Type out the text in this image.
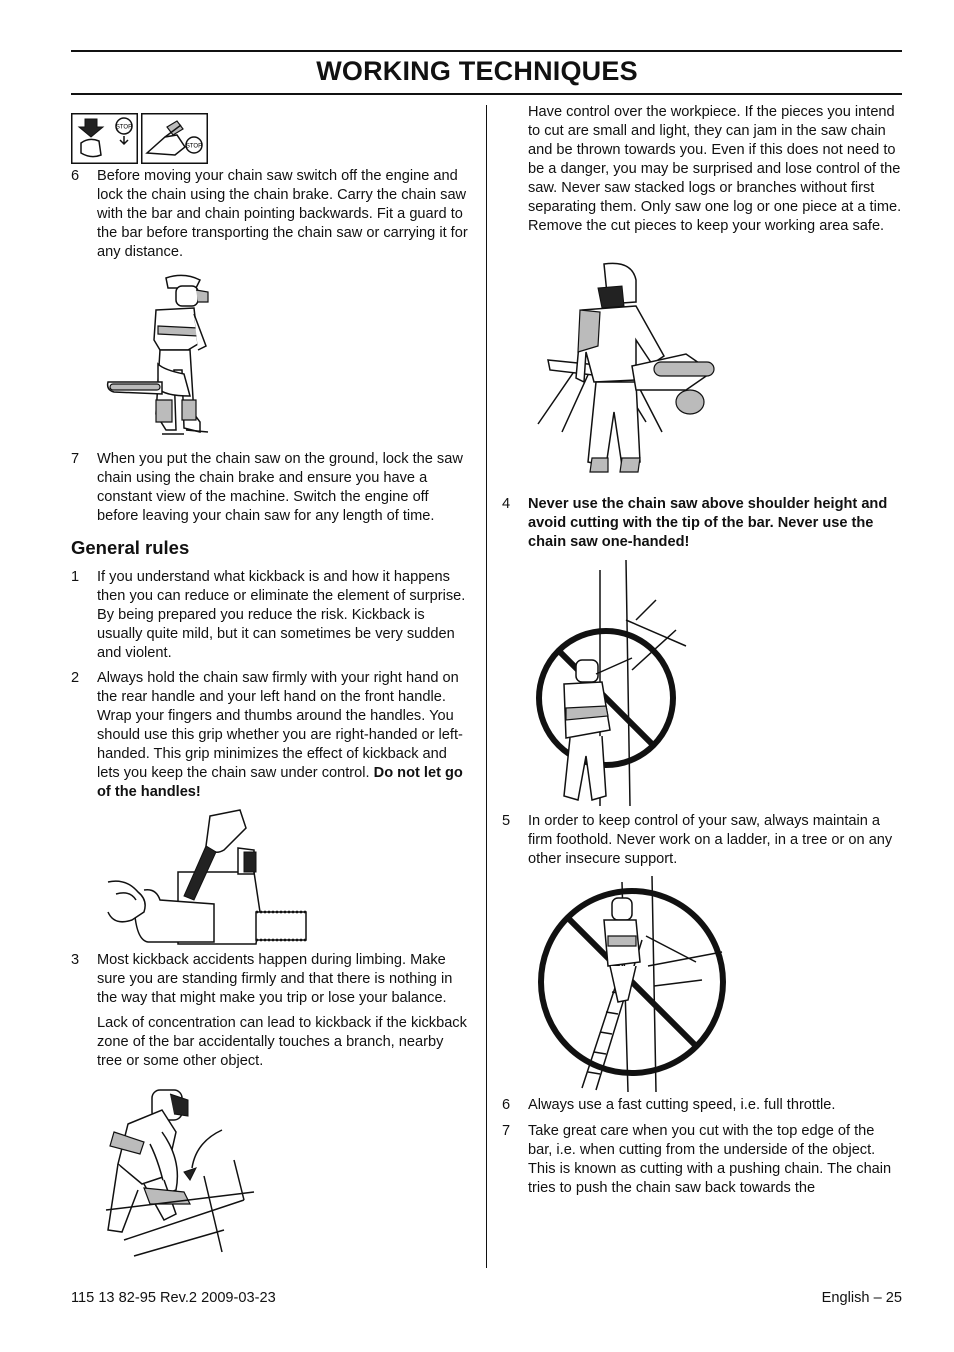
WORKING TECHNIQUES
STOP
STOP
6	Before moving your chain saw switch off the engine and lock the chain using the chain brake. Carry the chain saw with the bar and chain pointing backwards. Fit a guard to the bar before transporting the chain saw or carrying it for any distance.
7	When you put the chain saw on the ground, lock the saw chain using the chain brake and ensure you have a constant view of the machine. Switch the engine off before leaving your chain saw for any length of time.
General rules
1	If you understand what kickback is and how it happens then you can reduce or eliminate the element of surprise. By being prepared you reduce the risk. Kickback is usually quite mild, but it can sometimes be very sudden and violent.
2	Always hold the chain saw firmly with your right hand on the rear handle and your left hand on the front handle. Wrap your fingers and thumbs around the handles. You should use this grip whether you are right-handed or left-handed. This grip minimizes the effect of kickback and lets you keep the chain saw under control. Do not let go of the handles!
3	Most kickback accidents happen during limbing. Make sure you are standing firmly and that there is nothing in the way that might make you trip or lose your balance.
Lack of concentration can lead to kickback if the kickback zone of the bar accidentally touches a branch, nearby tree or some other object.
Have control over the workpiece. If the pieces you intend to cut are small and light, they can jam in the saw chain and be thrown towards you. Even if this does not need to be a danger, you may be surprised and lose control of the saw. Never saw stacked logs or branches without first separating them. Only saw one log or one piece at a time. Remove the cut pieces to keep your working area safe.
4	Never use the chain saw above shoulder height and avoid cutting with the tip of the bar. Never use the chain saw one-handed!
5	In order to keep control of your saw, always maintain a firm foothold. Never work on a ladder, in a tree or on any other insecure support.
6	Always use a fast cutting speed, i.e. full throttle.
7	Take great care when you cut with the top edge of the bar, i.e. when cutting from the underside of the object. This is known as cutting with a pushing chain. The chain tries to push the chain saw back towards the
115 13 82-95 Rev.2 2009-03-23	English – 25
